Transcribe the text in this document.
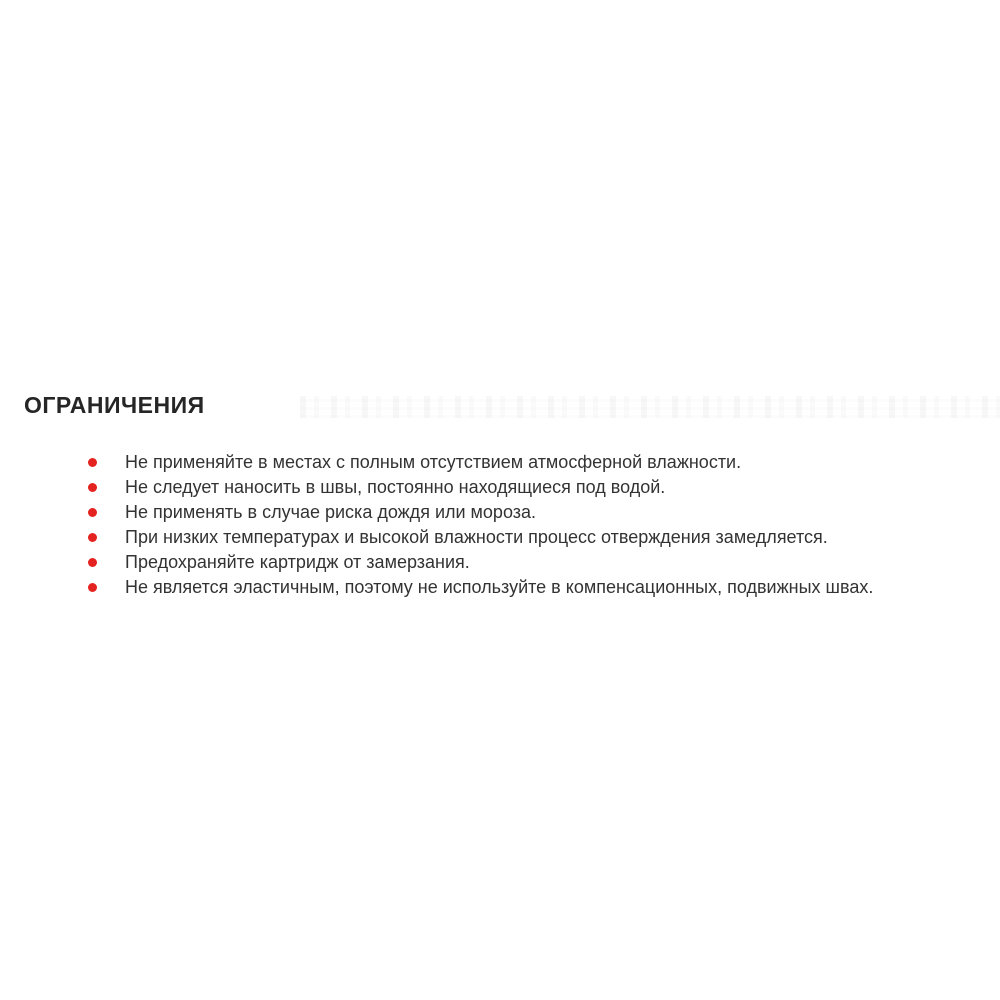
ОГРАНИЧЕНИЯ
Не применяйте в местах с полным отсутствием атмосферной влажности.
Не следует наносить в швы, постоянно находящиеся под водой.
Не применять в случае риска дождя или мороза.
При низких температурах и высокой влажности процесс отверждения замедляется.
Предохраняйте картридж от замерзания.
Не является эластичным, поэтому не используйте в компенсационных, подвижных швах.
